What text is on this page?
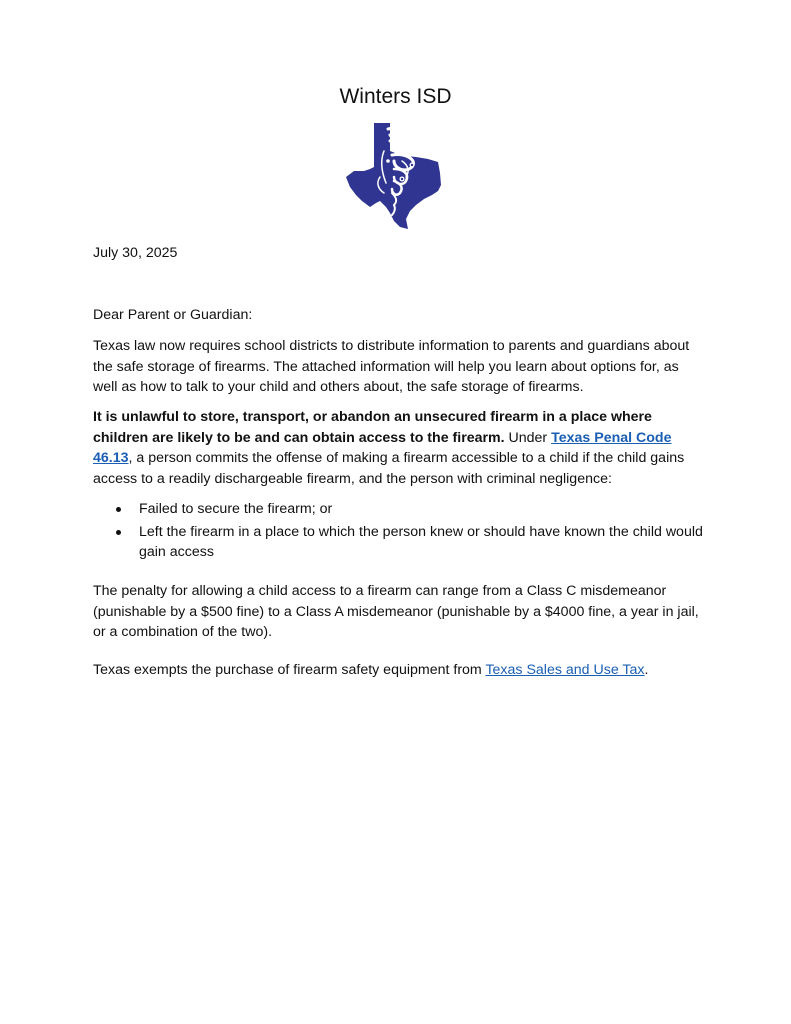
Winters ISD
July 30, 2025
Dear Parent or Guardian:
Texas law now requires school districts to distribute information to parents and guardians about the safe storage of firearms. The attached information will help you learn about options for, as well as how to talk to your child and others about, the safe storage of firearms.
It is unlawful to store, transport, or abandon an unsecured firearm in a place where children are likely to be and can obtain access to the firearm. Under Texas Penal Code 46.13, a person commits the offense of making a firearm accessible to a child if the child gains access to a readily dischargeable firearm, and the person with criminal negligence:
Failed to secure the firearm; or
Left the firearm in a place to which the person knew or should have known the child would gain access
The penalty for allowing a child access to a firearm can range from a Class C misdemeanor (punishable by a $500 fine) to a Class A misdemeanor (punishable by a $4000 fine, a year in jail, or a combination of the two).
Texas exempts the purchase of firearm safety equipment from Texas Sales and Use Tax.
